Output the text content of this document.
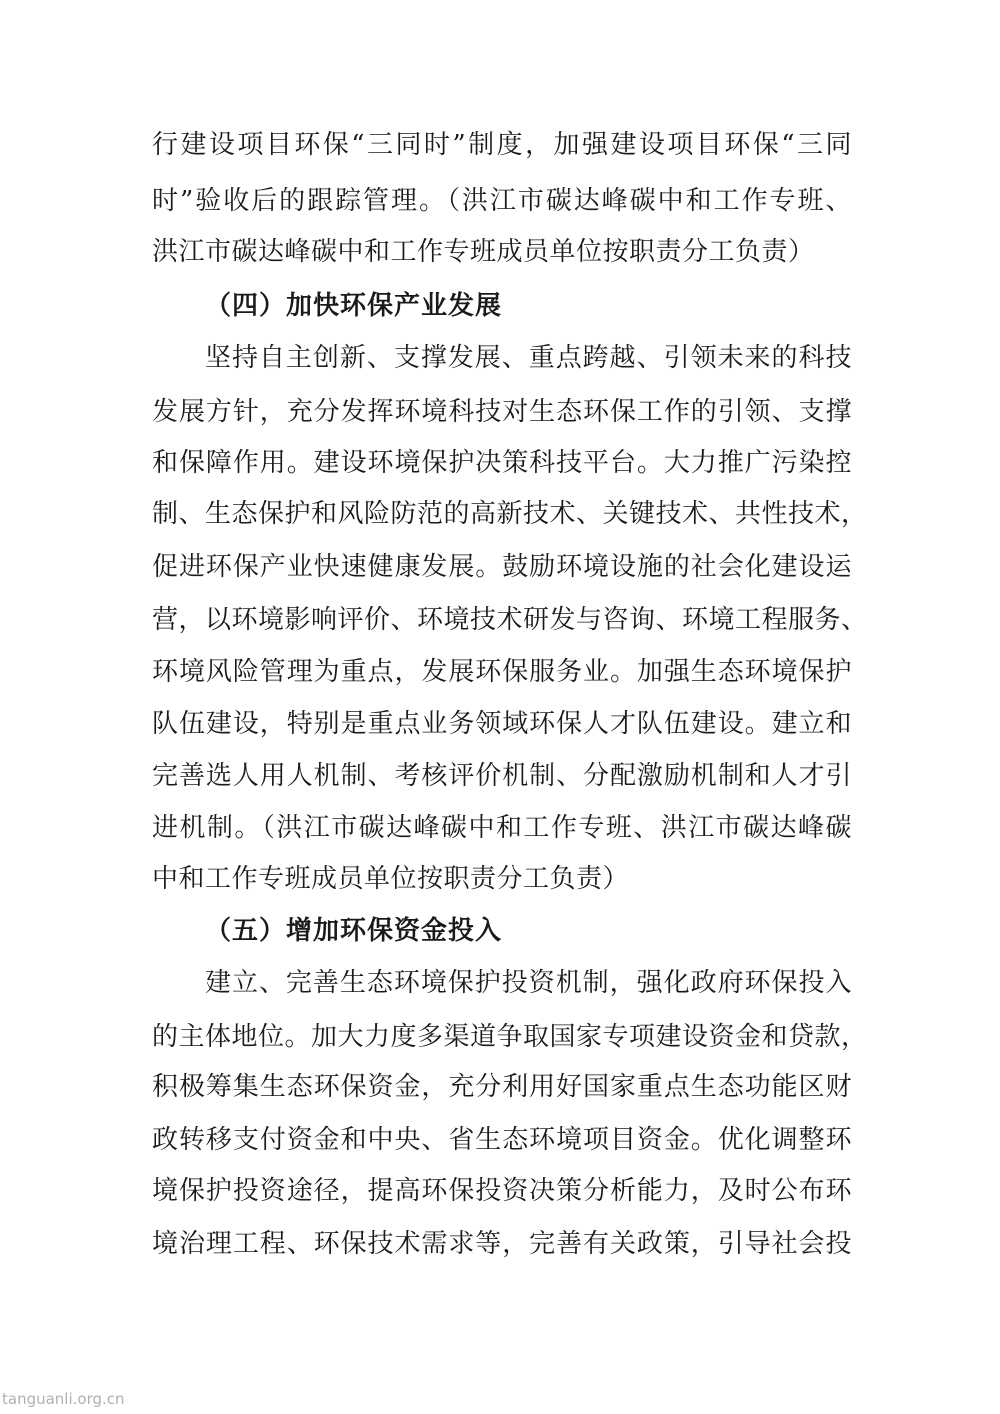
行建设项目环保“三同时”制度，加强建设项目环保“三同
时”验收后的跟踪管理。（洪江市碳达峰碳中和工作专班、
洪江市碳达峰碳中和工作专班成员单位按职责分工负责）
（四）加快环保产业发展
坚持自主创新、支撑发展、重点跨越、引领未来的科技
发展方针，充分发挥环境科技对生态环保工作的引领、支撑
和保障作用。建设环境保护决策科技平台。大力推广污染控
制、生态保护和风险防范的高新技术、关键技术、共性技术，
促进环保产业快速健康发展。鼓励环境设施的社会化建设运
营，以环境影响评价、环境技术研发与咨询、环境工程服务、
环境风险管理为重点，发展环保服务业。加强生态环境保护
队伍建设，特别是重点业务领域环保人才队伍建设。建立和
完善选人用人机制、考核评价机制、分配激励机制和人才引
进机制。（洪江市碳达峰碳中和工作专班、洪江市碳达峰碳
中和工作专班成员单位按职责分工负责）
（五）增加环保资金投入
建立、完善生态环境保护投资机制，强化政府环保投入
的主体地位。加大力度多渠道争取国家专项建设资金和贷款，
积极筹集生态环保资金，充分利用好国家重点生态功能区财
政转移支付资金和中央、省生态环境项目资金。优化调整环
境保护投资途径，提高环保投资决策分析能力，及时公布环
境治理工程、环保技术需求等，完善有关政策，引导社会投
tanguanli.org.cn
